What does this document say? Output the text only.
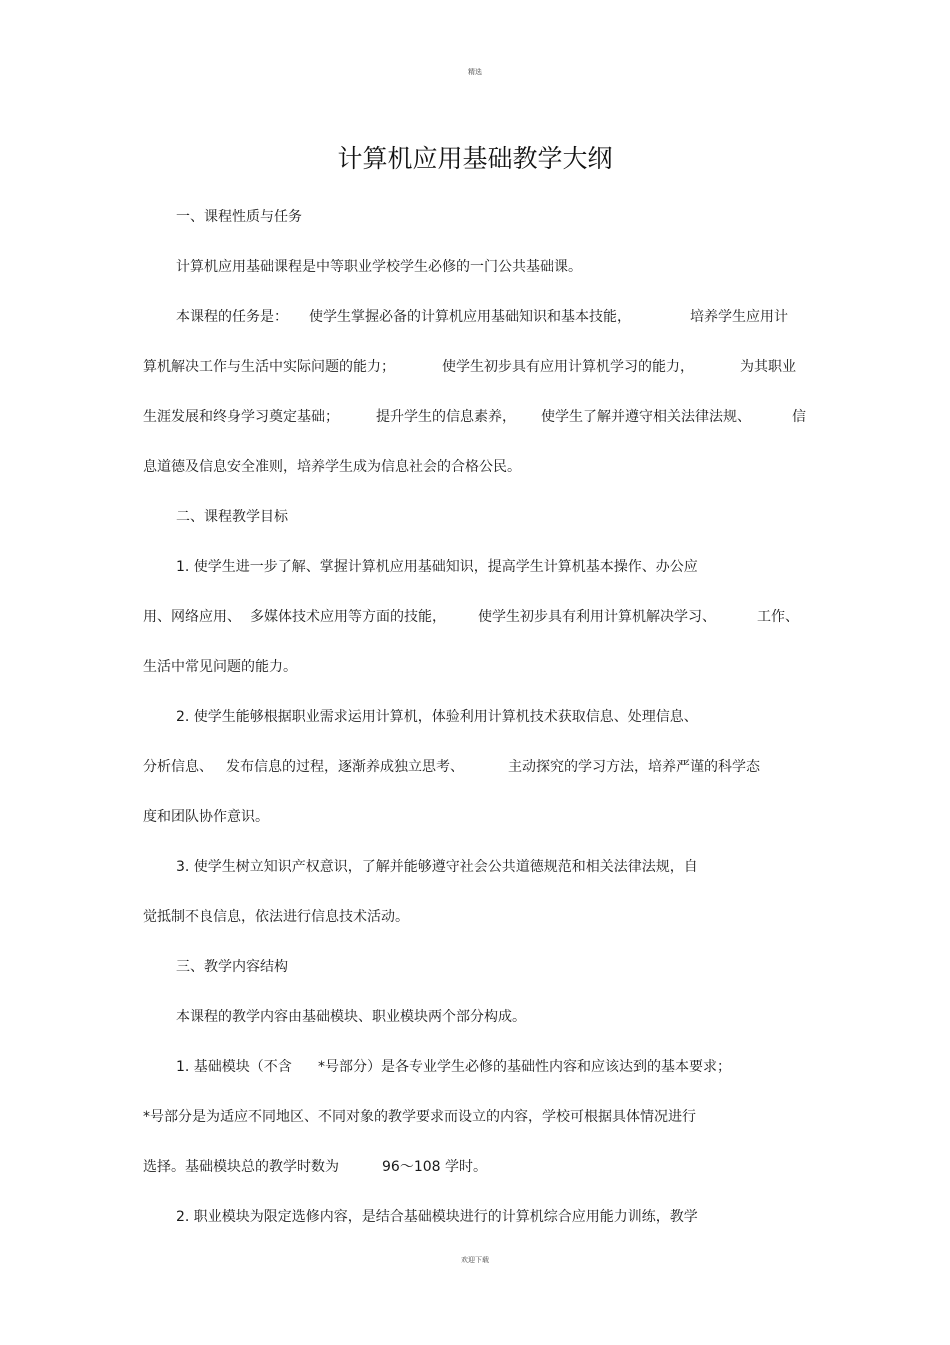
精选
计算机应用基础教学大纲
一、课程性质与任务
计算机应用基础课程是中等职业学校学生必修的一门公共基础课。
本课程的任务是： 使学生掌握必备的计算机应用基础知识和基本技能，	培养学生应用计
算机解决工作与生活中实际问题的能力；	使学生初步具有应用计算机学习的能力，	为其职业
生涯发展和终身学习奠定基础；	提升学生的信息素养， 使学生了解并遵守相关法律法规、	信
息道德及信息安全准则，培养学生成为信息社会的合格公民。
二、课程教学目标
1. 使学生进一步了解、掌握计算机应用基础知识，提高学生计算机基本操作、办公应
用、网络应用、 多媒体技术应用等方面的技能， 使学生初步具有利用计算机解决学习、	工作、
生活中常见问题的能力。
2. 使学生能够根据职业需求运用计算机，体验利用计算机技术获取信息、处理信息、
分析信息、 发布信息的过程，逐渐养成独立思考、	主动探究的学习方法，培养严谨的科学态
度和团队协作意识。
3. 使学生树立知识产权意识，了解并能够遵守社会公共道德规范和相关法律法规，自
觉抵制不良信息，依法进行信息技术活动。
三、教学内容结构
本课程的教学内容由基础模块、职业模块两个部分构成。
1. 基础模块（不含 *号部分）是各专业学生必修的基础性内容和应该达到的基本要求；
*号部分是为适应不同地区、不同对象的教学要求而设立的内容，学校可根据具体情况进行
选择。基础模块总的教学时数为	96～108 学时。
2. 职业模块为限定选修内容，是结合基础模块进行的计算机综合应用能力训练，教学
欢迎下载
